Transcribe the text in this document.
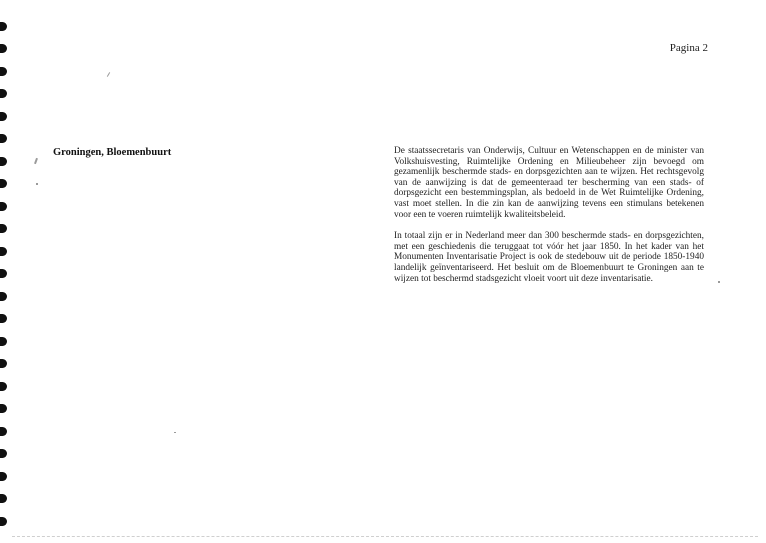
Pagina 2
Groningen, Bloemenbuurt	De staatssecretaris van Onderwijs, Cultuur en Wetenschappen en de minister van Volkshuisvesting, Ruimtelijke Ordening en Milieubeheer zijn bevoegd om gezamenlijk beschermde stads- en dorpsgezichten aan te wijzen. Het rechtsgevolg van de aanwijzing is dat de gemeenteraad ter bescherming van een stads- of dorpsgezicht een bestemmingsplan, als bedoeld in de Wet Ruimtelijke Ordening, vast moet stellen. In die zin kan de aanwijzing tevens een stimulans betekenen voor een te voeren ruimtelijk kwaliteitsbeleid.

In totaal zijn er in Nederland meer dan 300 beschermde stads- en dorpsgezichten, met een geschiedenis die teruggaat tot vóór het jaar 1850. In het kader van het Monumenten Inventarisatie Project is ook de stedebouw uit de periode 1850-1940 landelijk geïnventariseerd. Het besluit om de Bloemenbuurt te Groningen aan te wijzen tot beschermd stadsgezicht vloeit voort uit deze inventarisatie.
